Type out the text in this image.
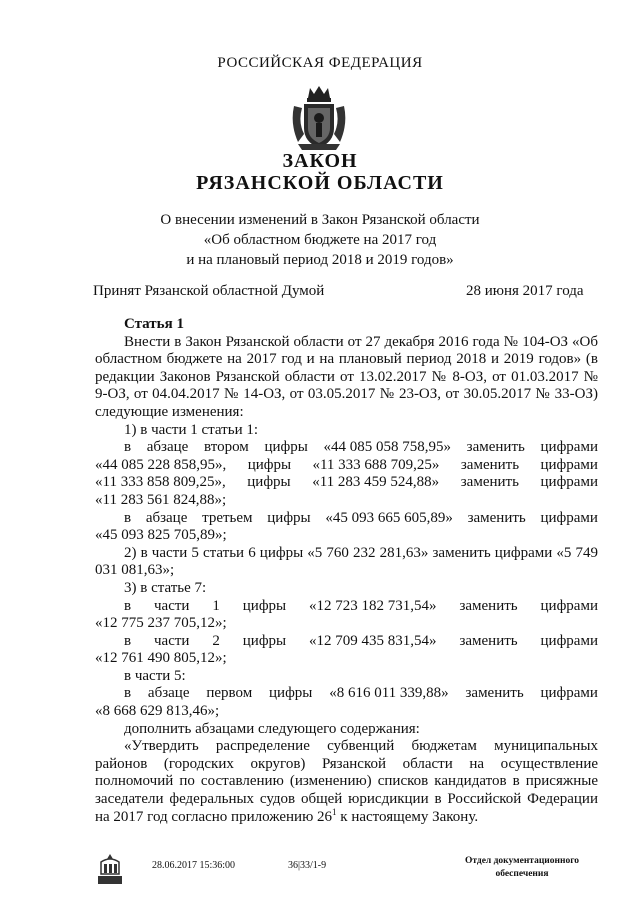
РОССИЙСКАЯ ФЕДЕРАЦИЯ
ЗАКОН
РЯЗАНСКОЙ ОБЛАСТИ
О внесении изменений в Закон Рязанской области
«Об областном бюджете на 2017 год
и на плановый период 2018 и 2019 годов»
Принят Рязанской областной Думой	28 июня 2017 года

Статья 1

Внести в Закон Рязанской области от 27 декабря 2016 года № 104-ОЗ «Об областном бюджете на 2017 год и на плановый период 2018 и 2019 годов» (в редакции Законов Рязанской области от 13.02.2017 № 8-ОЗ, от 01.03.2017 № 9-ОЗ, от 04.04.2017 № 14-ОЗ, от 03.05.2017 № 23-ОЗ, от 30.05.2017 № 33-ОЗ) следующие изменения:

1) в части 1 статьи 1:

в абзаце втором цифры «44 085 058 758,95» заменить цифрами
«44 085 228 858,95», цифры «11 333 688 709,25» заменить цифрами
«11 333 858 809,25», цифры «11 283 459 524,88» заменить цифрами

«11 283 561 824,88»;

в абзаце третьем цифры «45 093 665 605,89» заменить цифрами

«45 093 825 705,89»;

2) в части 5 статьи 6 цифры «5 760 232 281,63» заменить цифрами «5 749 031 081,63»;

3) в статье 7:

в части 1 цифры «12 723 182 731,54» заменить цифрами

«12 775 237 705,12»;

в части 2 цифры «12 709 435 831,54» заменить цифрами

«12 761 490 805,12»;

в части 5:

в абзаце первом цифры «8 616 011 339,88» заменить цифрами

«8 668 629 813,46»;

дополнить абзацами следующего содержания:

«Утвердить распределение субвенций бюджетам муниципальных районов (городских округов) Рязанской области на осуществление полномочий по составлению (изменению) списков кандидатов в присяжные заседатели федеральных судов общей юрисдикции в Российской Федерации на 2017 год согласно приложению $26^1$ к настоящему Закону.

28.06.2017 15:36:00	36|33/1-9	Отдел документационного
обеспечения
